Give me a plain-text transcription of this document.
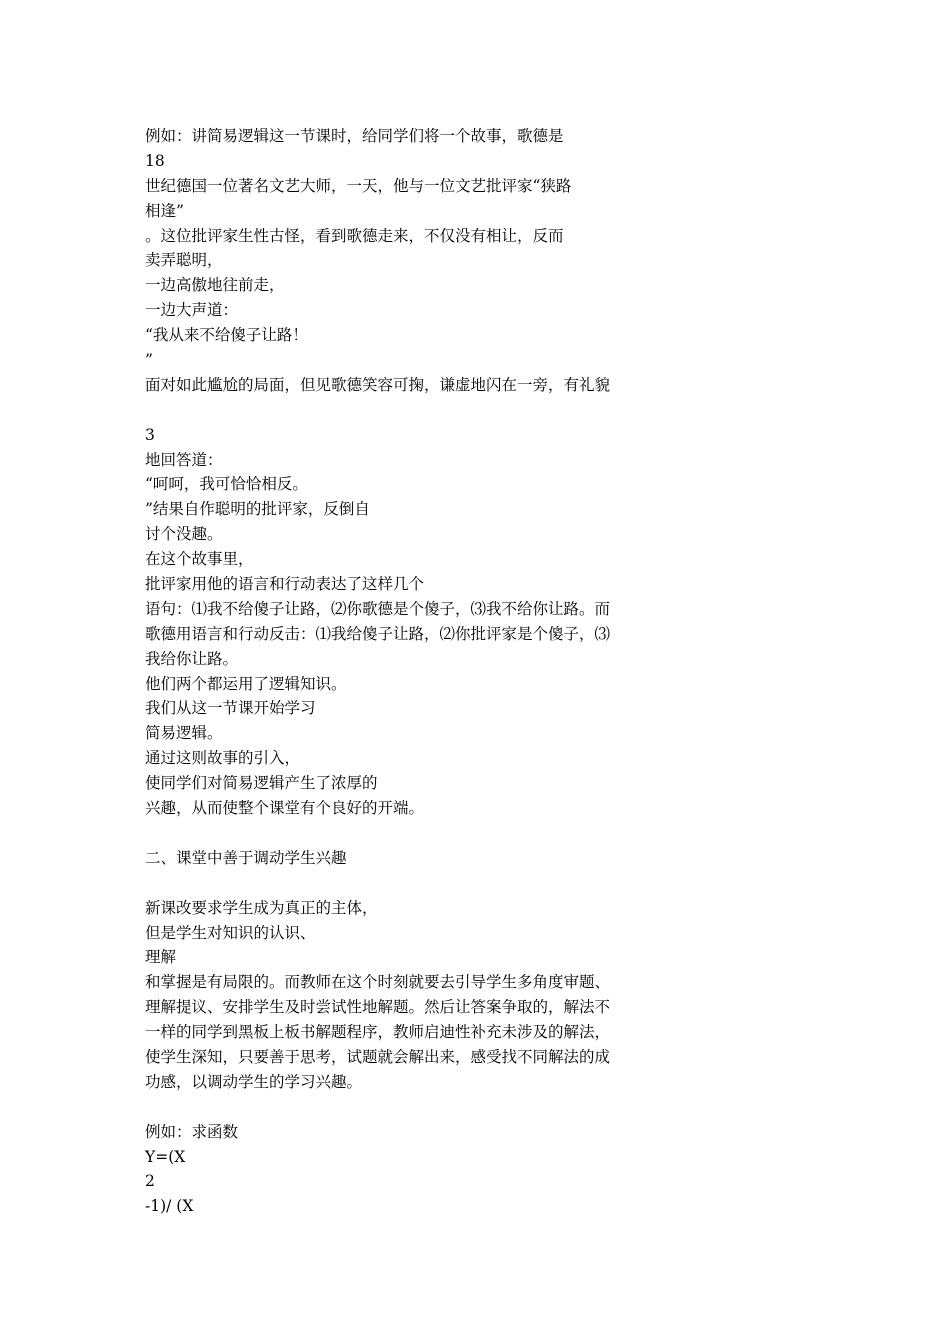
例如：讲简易逻辑这一节课时，给同学们将一个故事，歌德是
18
世纪德国一位著名文艺大师，一天，他与一位文艺批评家“狭路
相逢”
。这位批评家生性古怪，看到歌德走来，不仅没有相让，反而
卖弄聪明，
一边高傲地往前走，
一边大声道：
“我从来不给傻子让路！
”
面对如此尴尬的局面，但见歌德笑容可掬，谦虚地闪在一旁，有礼貌
3
地回答道：
“呵呵，我可恰恰相反。
”结果自作聪明的批评家，反倒自
讨个没趣。
在这个故事里，
批评家用他的语言和行动表达了这样几个
语句：⑴我不给傻子让路，⑵你歌德是个傻子，⑶我不给你让路。而
歌德用语言和行动反击：⑴我给傻子让路，⑵你批评家是个傻子，⑶
我给你让路。
他们两个都运用了逻辑知识。
我们从这一节课开始学习
简易逻辑。
通过这则故事的引入，
使同学们对简易逻辑产生了浓厚的
兴趣，从而使整个课堂有个良好的开端。
二、课堂中善于调动学生兴趣
新课改要求学生成为真正的主体，
但是学生对知识的认识、
理解
和掌握是有局限的。而教师在这个时刻就要去引导学生多角度审题、
理解提议、安排学生及时尝试性地解题。然后让答案争取的，解法不
一样的同学到黑板上板书解题程序，教师启迪性补充未涉及的解法，
使学生深知，只要善于思考，试题就会解出来，感受找不同解法的成
功感，以调动学生的学习兴趣。
例如：求函数
Y=(X
2
-1)/ (X
